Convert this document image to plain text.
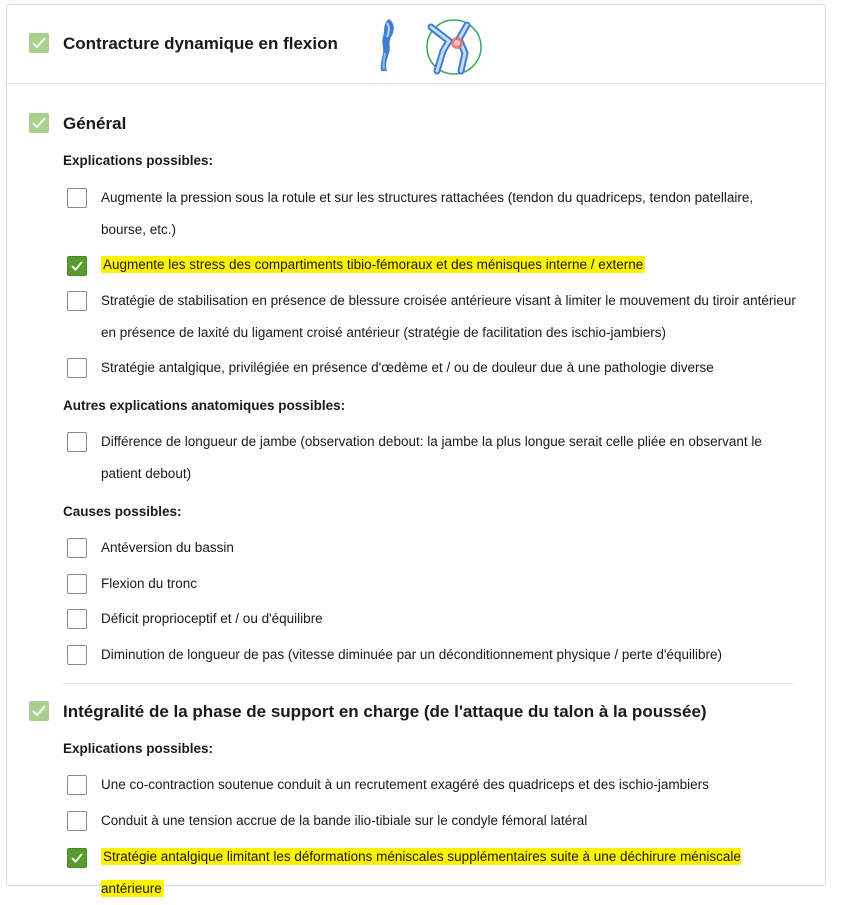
Contracture dynamique en flexion
Général
Explications possibles:
Augmente la pression sous la rotule et sur les structures rattachées (tendon du quadriceps, tendon patellaire, bourse, etc.)
Augmente les stress des compartiments tibio-fémoraux et des ménisques interne / externe
Stratégie de stabilisation en présence de blessure croisée antérieure visant à limiter le mouvement du tiroir antérieur en présence de laxité du ligament croisé antérieur (stratégie de facilitation des ischio-jambiers)
Stratégie antalgique, privilégiée en présence d'œdème et / ou de douleur due à une pathologie diverse
Autres explications anatomiques possibles:
Différence de longueur de jambe (observation debout: la jambe la plus longue serait celle pliée en observant le patient debout)
Causes possibles:
Antéversion du bassin
Flexion du tronc
Déficit proprioceptif et / ou d'équilibre
Diminution de longueur de pas (vitesse diminuée par un déconditionnement physique / perte d'équilibre)
Intégralité de la phase de support en charge (de l'attaque du talon à la poussée)
Explications possibles:
Une co-contraction soutenue conduit à un recrutement exagéré des quadriceps et des ischio-jambiers
Conduit à une tension accrue de la bande ilio-tibiale sur le condyle fémoral latéral
Stratégie antalgique limitant les déformations méniscales supplémentaires suite à une déchirure méniscale antérieure
